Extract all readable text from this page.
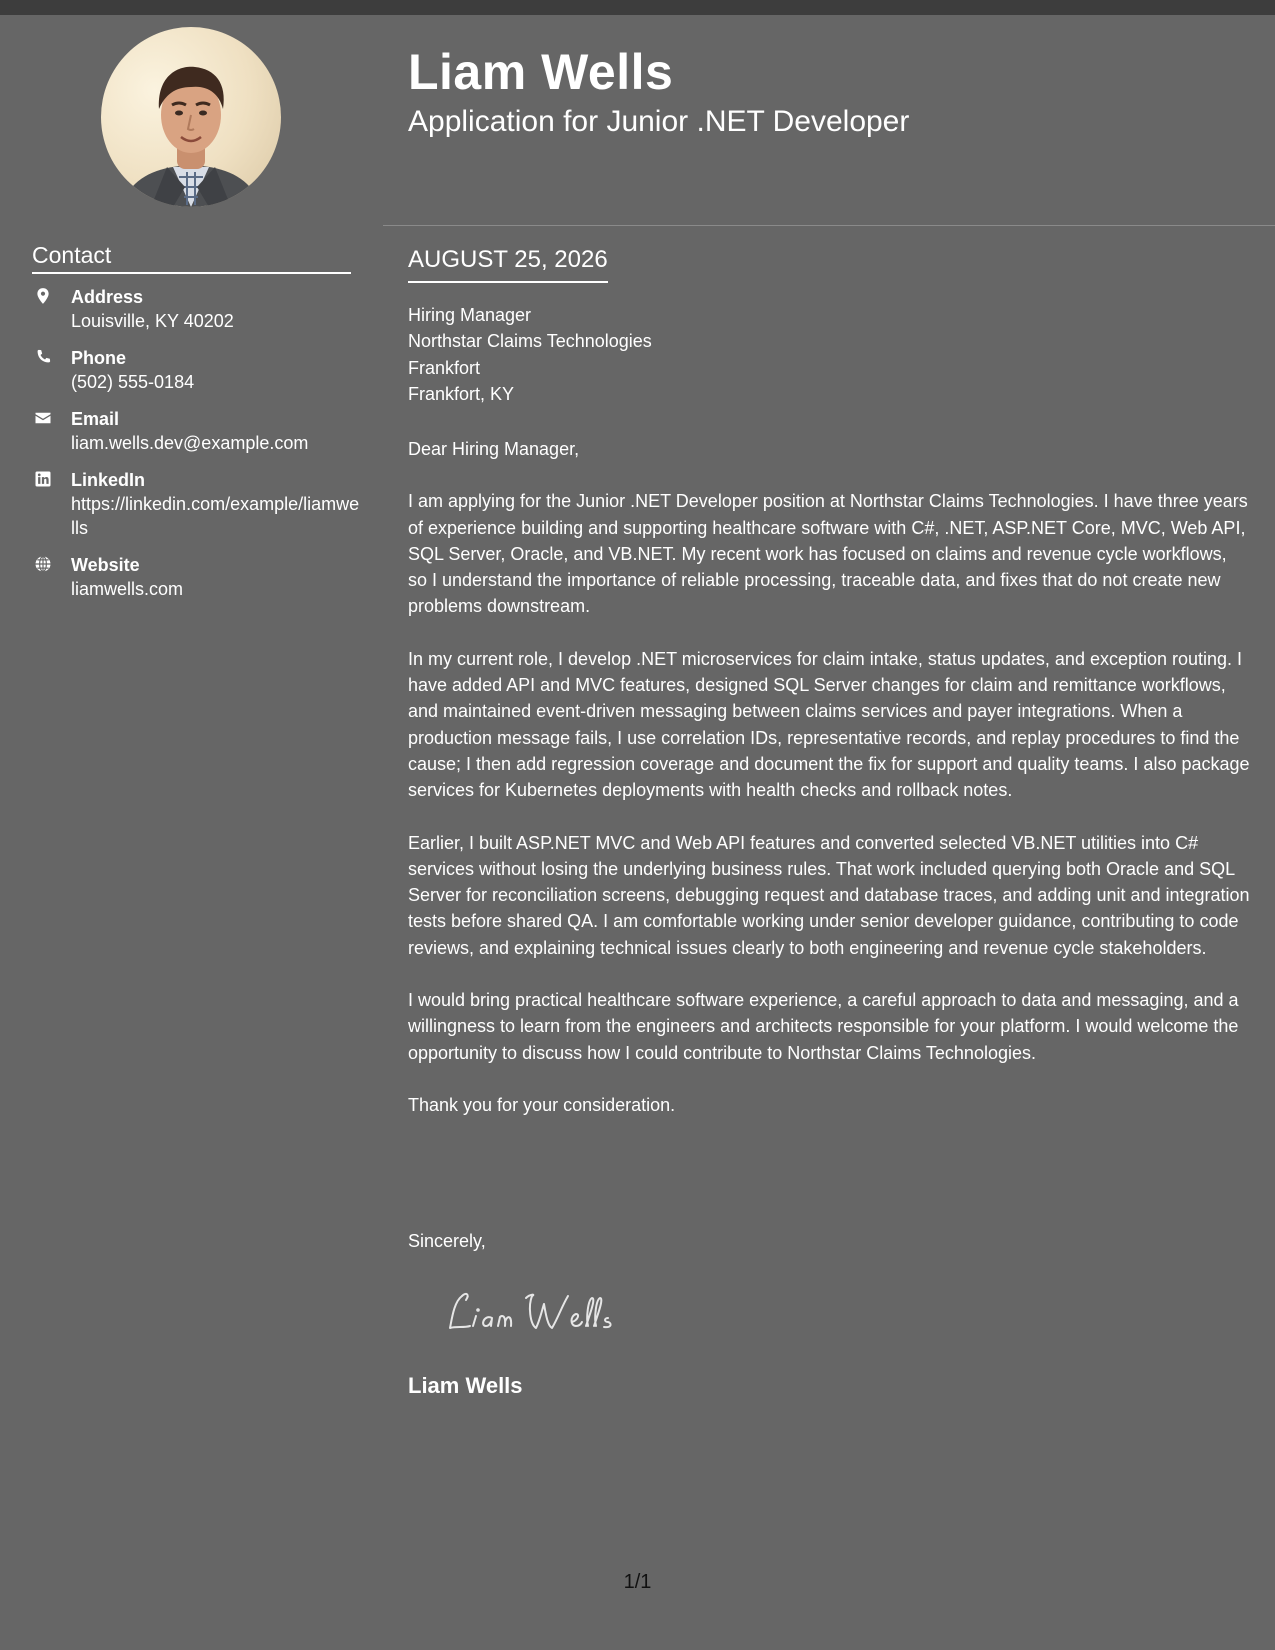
Liam Wells
Application for Junior .NET Developer
Contact
Address
Louisville, KY 40202
Phone
(502) 555-0184
Email
liam.wells.dev@example.com
LinkedIn
https://linkedin.com/example/liamwells
Website
liamwells.com
AUGUST 25, 2026
Hiring Manager
Northstar Claims Technologies
Frankfort
Frankfort, KY

Dear Hiring Manager,

I am applying for the Junior .NET Developer position at Northstar Claims Technologies. I have three years of experience building and supporting healthcare software with C#, .NET, ASP.NET Core, MVC, Web API, SQL Server, Oracle, and VB.NET. My recent work has focused on claims and revenue cycle workflows, so I understand the importance of reliable processing, traceable data, and fixes that do not create new problems downstream.

In my current role, I develop .NET microservices for claim intake, status updates, and exception routing. I have added API and MVC features, designed SQL Server changes for claim and remittance workflows, and maintained event-driven messaging between claims services and payer integrations. When a production message fails, I use correlation IDs, representative records, and replay procedures to find the cause; I then add regression coverage and document the fix for support and quality teams. I also package services for Kubernetes deployments with health checks and rollback notes.

Earlier, I built ASP.NET MVC and Web API features and converted selected VB.NET utilities into C# services without losing the underlying business rules. That work included querying both Oracle and SQL Server for reconciliation screens, debugging request and database traces, and adding unit and integration tests before shared QA. I am comfortable working under senior developer guidance, contributing to code reviews, and explaining technical issues clearly to both engineering and revenue cycle stakeholders.

I would bring practical healthcare software experience, a careful approach to data and messaging, and a willingness to learn from the engineers and architects responsible for your platform. I would welcome the opportunity to discuss how I could contribute to Northstar Claims Technologies.

Thank you for your consideration.

Sincerely,
Liam Wells
1/1
